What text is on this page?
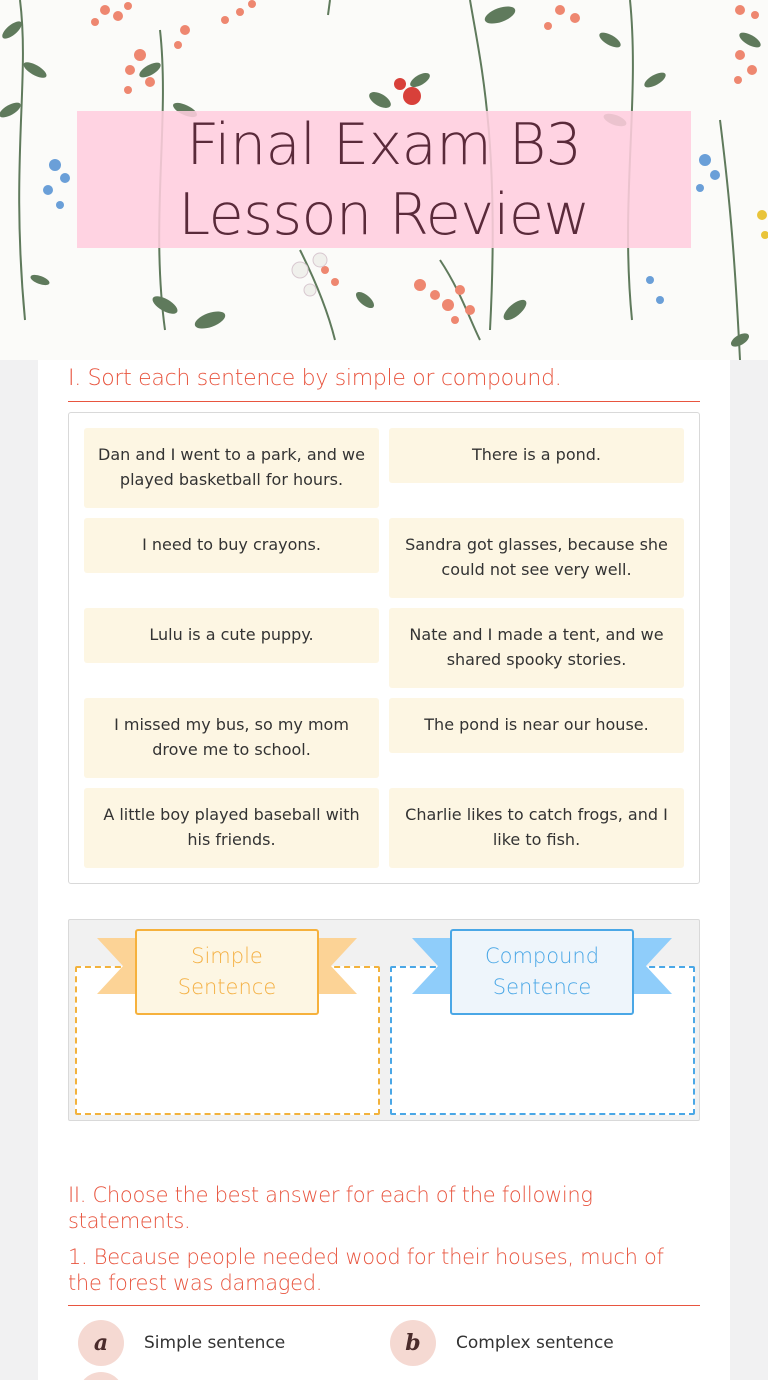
Final Exam B3
Lesson Review
I. Sort each sentence by simple or compound.
Dan and I went to a park, and we played basketball for hours.
There is a pond.
I need to buy crayons.	Sandra got glasses, because she could not see very well.
Lulu is a cute puppy.	Nate and I made a tent, and we shared spooky stories.
I missed my bus, so my mom drove me to school.
The pond is near our house.
A little boy played baseball with his friends.
Charlie likes to catch frogs, and I like to fish.
Simple
Sentence
Compound
Sentence
II. Choose the best answer for each of the following statements.
1. Because people needed wood for their houses, much of the forest was damaged.
a	Simple sentence	b	Complex sentence
